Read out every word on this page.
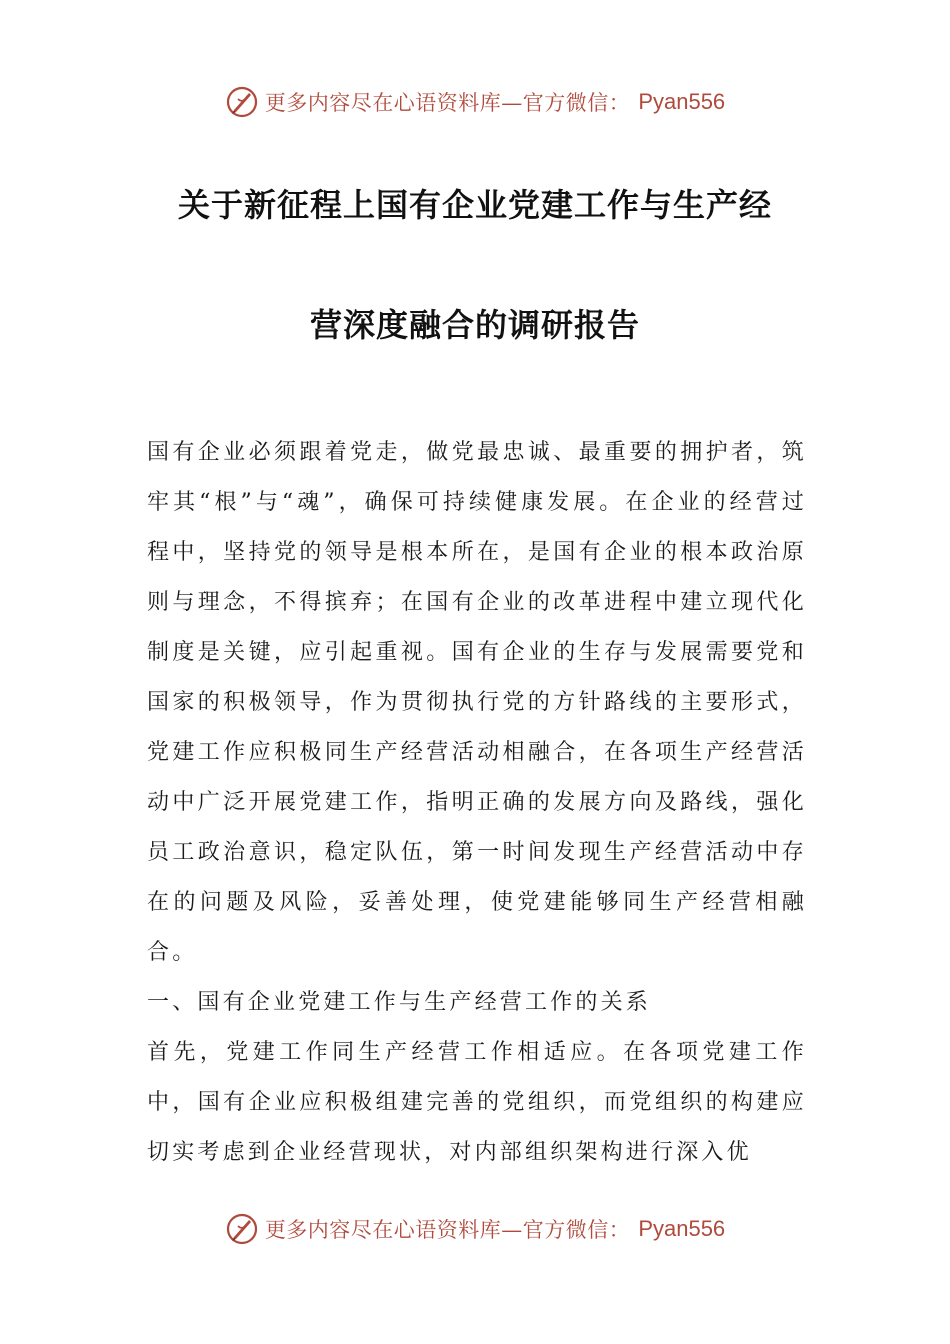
更多内容尽在心语资料库—官方微信： Pyan556
关于新征程上国有企业党建工作与生产经
营深度融合的调研报告

国有企业必须跟着党走，做党最忠诚、最重要的拥护者，筑牢其“根”与“魂”，确保可持续健康发展。在企业的经营过程中，坚持党的领导是根本所在，是国有企业的根本政治原则与理念，不得摈弃；在国有企业的改革进程中建立现代化制度是关键，应引起重视。国有企业的生存与发展需要党和国家的积极领导，作为贯彻执行党的方针路线的主要形式，党建工作应积极同生产经营活动相融合，在各项生产经营活动中广泛开展党建工作，指明正确的发展方向及路线，强化员工政治意识，稳定队伍，第一时间发现生产经营活动中存在的问题及风险，妥善处理，使党建能够同生产经营相融合。

一、国有企业党建工作与生产经营工作的关系

首先，党建工作同生产经营工作相适应。在各项党建工作中，国有企业应积极组建完善的党组织，而党组织的构建应切实考虑到企业经营现状，对内部组织架构进行深入优

更多内容尽在心语资料库—官方微信： Pyan556
